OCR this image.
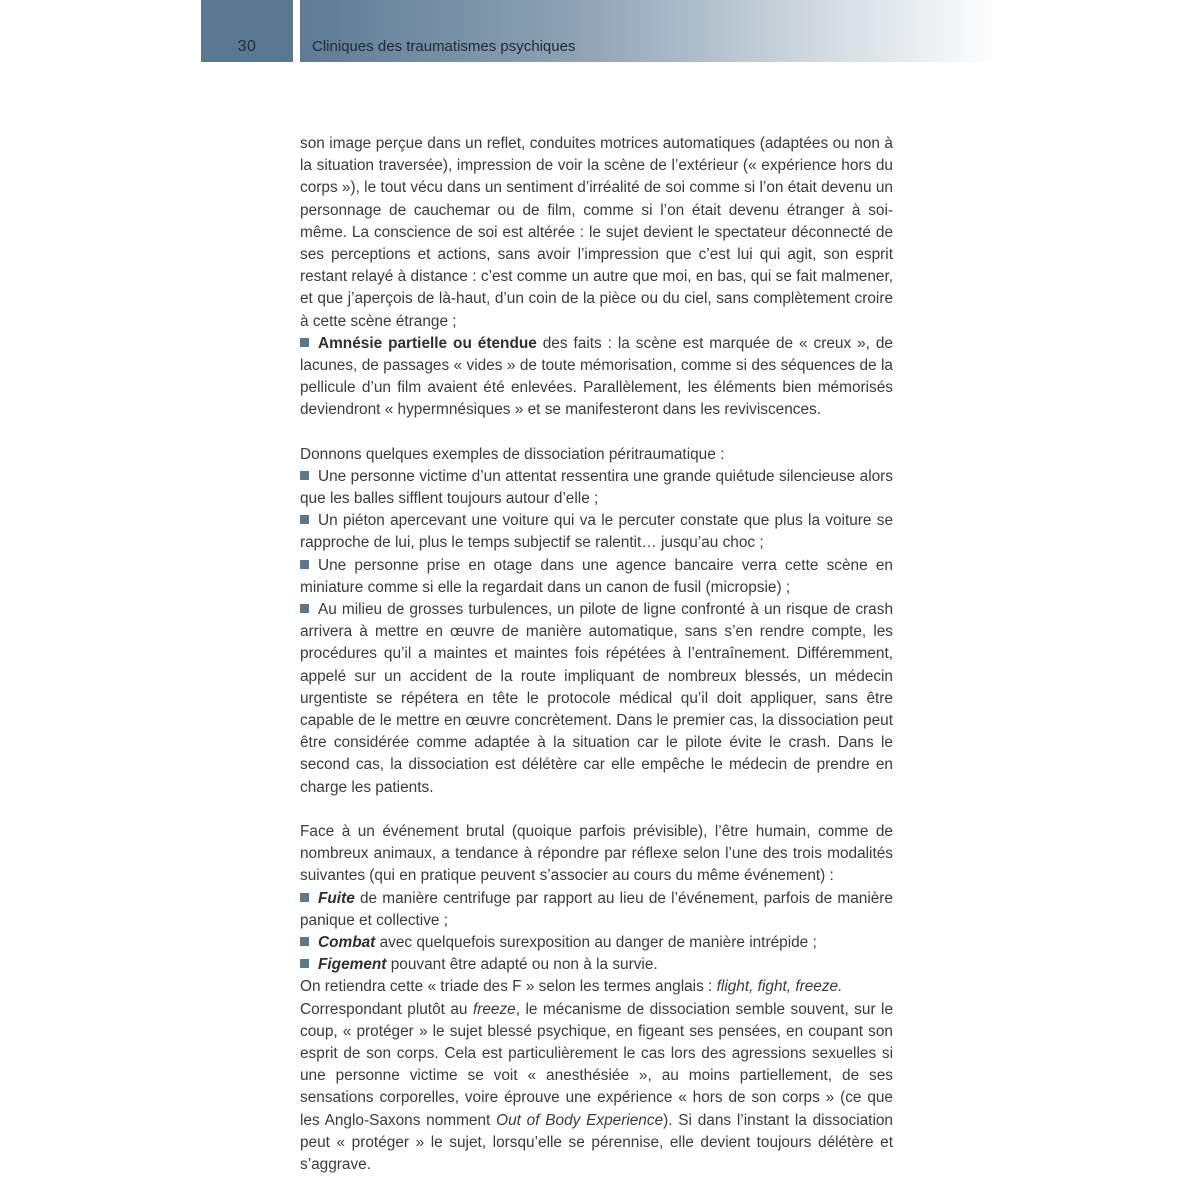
30	Cliniques des traumatismes psychiques

son image perçue dans un reflet, conduites motrices automatiques (adaptées ou non à la situation traversée), impression de voir la scène de l’extérieur (« expérience hors du corps »), le tout vécu dans un sentiment d’irréalité de soi comme si l’on était devenu un personnage de cauchemar ou de film, comme si l’on était devenu étranger à soi-même. La conscience de soi est altérée : le sujet devient le spectateur déconnecté de ses perceptions et actions, sans avoir l’impression que c’est lui qui agit, son esprit restant relayé à distance : c’est comme un autre que moi, en bas, qui se fait malmener, et que j’aperçois de là-haut, d’un coin de la pièce ou du ciel, sans complètement croire à cette scène étrange ;

Amnésie partielle ou étendue des faits : la scène est marquée de « creux », de lacunes, de passages « vides » de toute mémorisation, comme si des séquences de la pellicule d’un film avaient été enlevées. Parallèlement, les éléments bien mémorisés deviendront « hypermnésiques » et se manifesteront dans les reviviscences.

Donnons quelques exemples de dissociation péritraumatique :

Une personne victime d’un attentat ressentira une grande quiétude silencieuse alors que les balles sifflent toujours autour d’elle ;

Un piéton apercevant une voiture qui va le percuter constate que plus la voiture se rapproche de lui, plus le temps subjectif se ralentit… jusqu’au choc ;

Une personne prise en otage dans une agence bancaire verra cette scène en miniature comme si elle la regardait dans un canon de fusil (micropsie) ;

Au milieu de grosses turbulences, un pilote de ligne confronté à un risque de crash arrivera à mettre en œuvre de manière automatique, sans s’en rendre compte, les procédures qu’il a maintes et maintes fois répétées à l’entraînement. Différemment, appelé sur un accident de la route impliquant de nombreux blessés, un médecin urgentiste se répétera en tête le protocole médical qu’il doit appliquer, sans être capable de le mettre en œuvre concrètement. Dans le premier cas, la dissociation peut être considérée comme adaptée à la situation car le pilote évite le crash. Dans le second cas, la dissociation est délétère car elle empêche le médecin de prendre en charge les patients.

Face à un événement brutal (quoique parfois prévisible), l’être humain, comme de nombreux animaux, a tendance à répondre par réflexe selon l’une des trois modalités suivantes (qui en pratique peuvent s’associer au cours du même événement) :

Fuite de manière centrifuge par rapport au lieu de l’événement, parfois de manière panique et collective ;

Combat avec quelquefois surexposition au danger de manière intrépide ;

Figement pouvant être adapté ou non à la survie.

On retiendra cette « triade des F » selon les termes anglais : flight, fight, freeze.

Correspondant plutôt au freeze, le mécanisme de dissociation semble souvent, sur le coup, « protéger » le sujet blessé psychique, en figeant ses pensées, en coupant son esprit de son corps. Cela est particulièrement le cas lors des agressions sexuelles si une personne victime se voit « anesthésiée », au moins partiellement, de ses sensations corporelles, voire éprouve une expérience « hors de son corps » (ce que les Anglo-Saxons nomment Out of Body Experience). Si dans l’instant la dissociation peut « protéger » le sujet, lorsqu’elle se pérennise, elle devient toujours délétère et s’aggrave.
